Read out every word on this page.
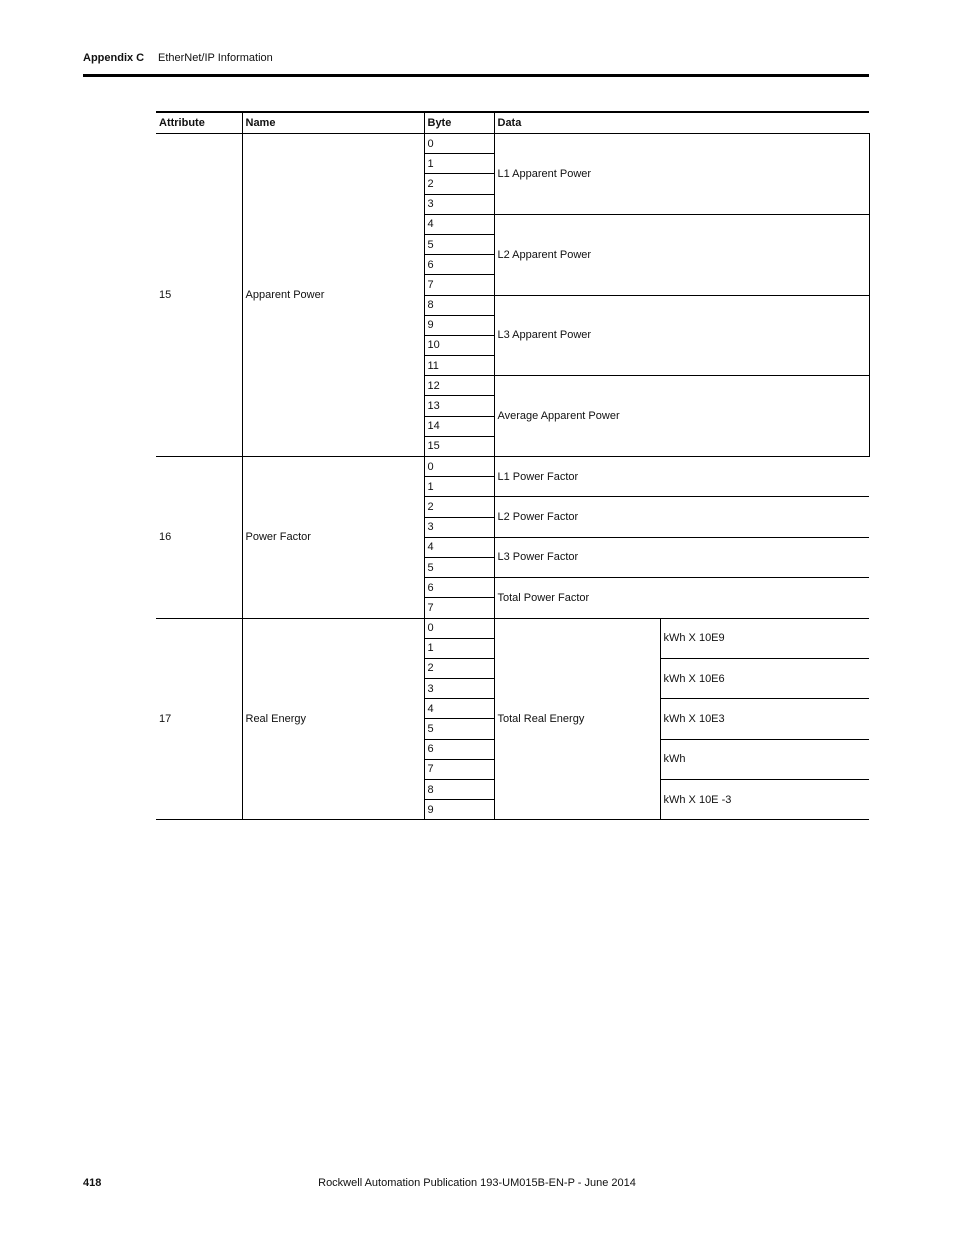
Appendix C EtherNet/IP Information
Attribute	Name	Byte	Data	
15	Apparent Power	0	L1 Apparent Power	
		1		
		2		
		3		
		4	L2 Apparent Power	
		5		
		6		
		7		
		8	L3 Apparent Power	
		9		
		10		
		11		
		12	Average Apparent Power	
		13		
		14		
		15		
16	Power Factor	0	L1 Power Factor	
		1		
		2	L2 Power Factor	
		3		
		4	L3 Power Factor	
		5		
		6	Total Power Factor	
		7		
17	Real Energy	0	Total Real Energy	kWh X 10E9
		1		
		2		kWh X 10E6
		3		
		4		kWh X 10E3
		5		
		6		kWh
		7		
		8		kWh X 10E -3
		9		
418	Rockwell Automation Publication 193-UM015B-EN-P - June 2014
